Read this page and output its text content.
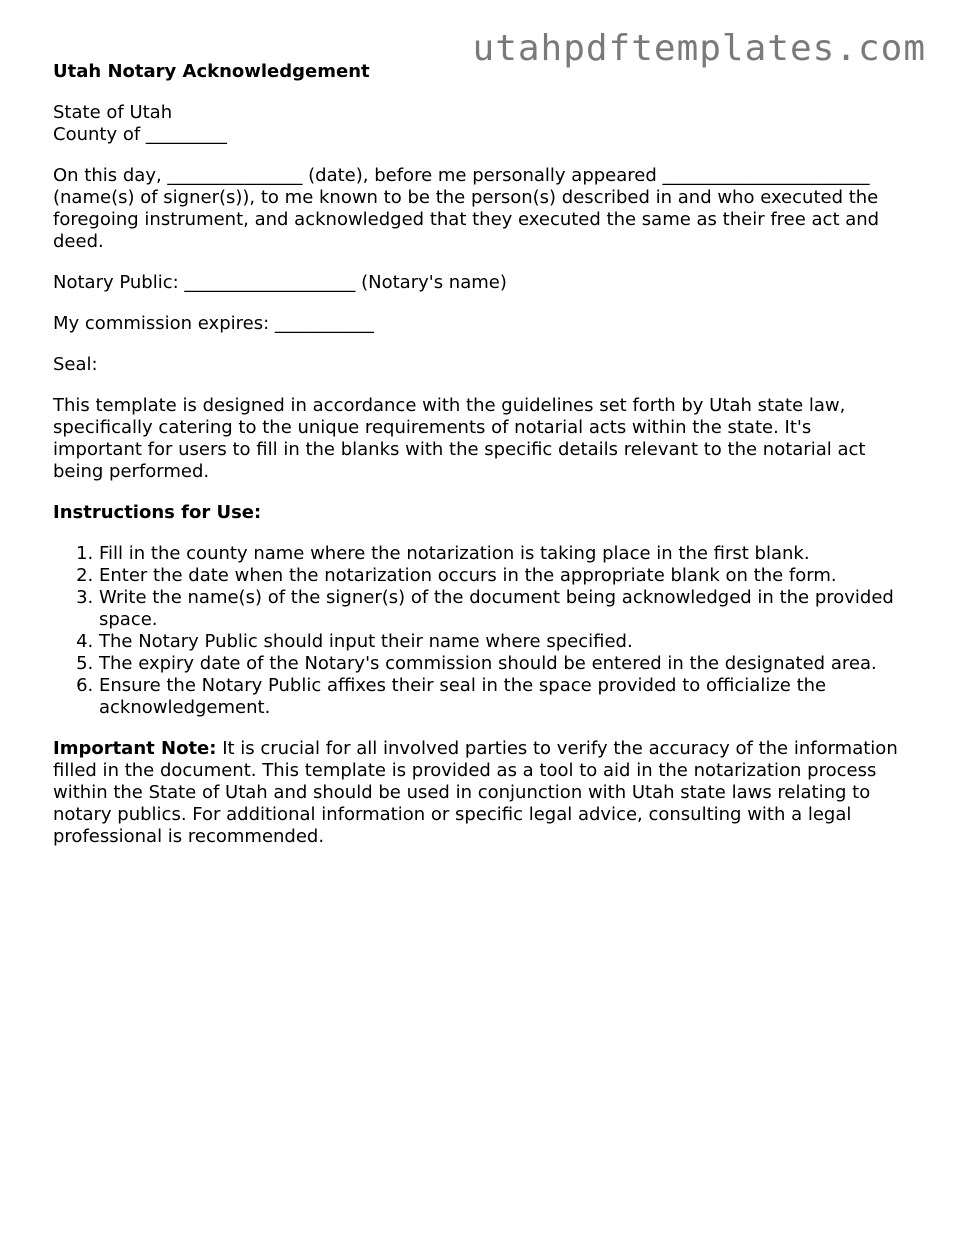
utahpdftemplates.com
Utah Notary Acknowledgement

State of Utah
County of _________

On this day, _______________ (date), before me personally appeared _______________________ (name(s) of signer(s)), to me known to be the person(s) described in and who executed the foregoing instrument, and acknowledged that they executed the same as their free act and deed.

Notary Public: ___________________ (Notary's name)

My commission expires: ___________

Seal:

This template is designed in accordance with the guidelines set forth by Utah state law, specifically catering to the unique requirements of notarial acts within the state. It's important for users to fill in the blanks with the specific details relevant to the notarial act being performed.

Instructions for Use:
1. Fill in the county name where the notarization is taking place in the first blank.
2. Enter the date when the notarization occurs in the appropriate blank on the form.
3. Write the name(s) of the signer(s) of the document being acknowledged in the provided space.
4. The Notary Public should input their name where specified.
5. The expiry date of the Notary's commission should be entered in the designated area.
6. Ensure the Notary Public affixes their seal in the space provided to officialize the acknowledgement.

Important Note: It is crucial for all involved parties to verify the accuracy of the information filled in the document. This template is provided as a tool to aid in the notarization process within the State of Utah and should be used in conjunction with Utah state laws relating to notary publics. For additional information or specific legal advice, consulting with a legal professional is recommended.
